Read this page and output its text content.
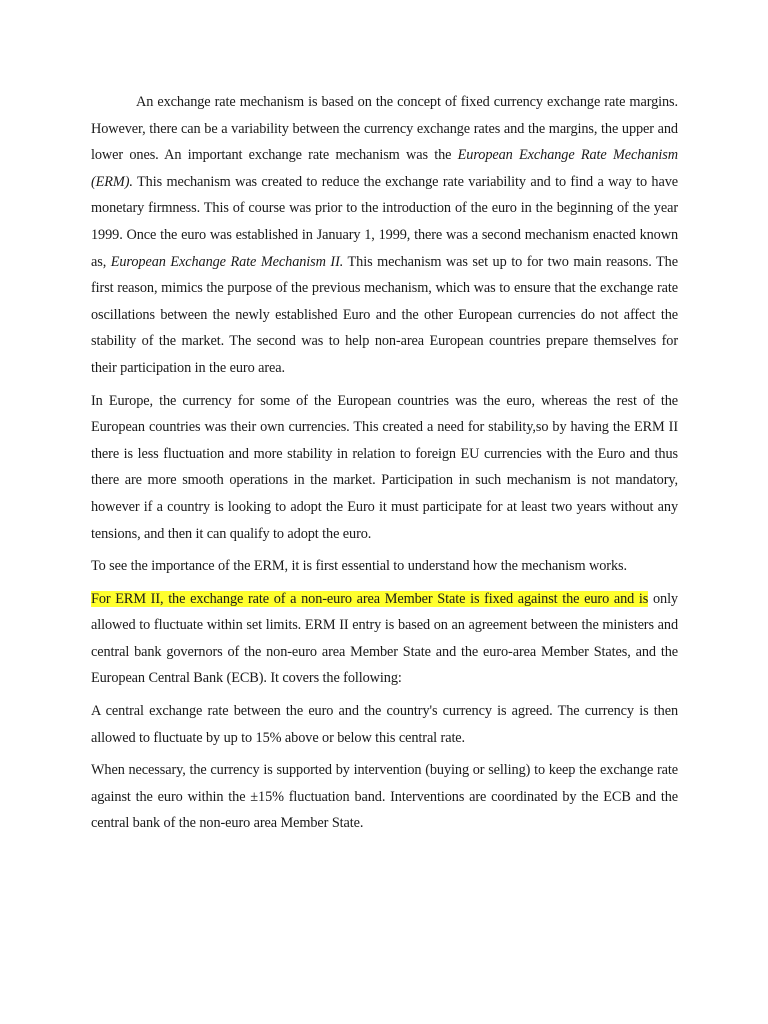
An exchange rate mechanism is based on the concept of fixed currency exchange rate margins. However, there can be a variability between the currency exchange rates and the margins, the upper and lower ones. An important exchange rate mechanism was the European Exchange Rate Mechanism (ERM). This mechanism was created to reduce the exchange rate variability and to find a way to have monetary firmness. This of course was prior to the introduction of the euro in the beginning of the year 1999. Once the euro was established in January 1, 1999, there was a second mechanism enacted known as, European Exchange Rate Mechanism II. This mechanism was set up to for two main reasons. The first reason, mimics the purpose of the previous mechanism, which was to ensure that the exchange rate oscillations between the newly established Euro and the other European currencies do not affect the stability of the market. The second was to help non-area European countries prepare themselves for their participation in the euro area.

In Europe, the currency for some of the European countries was the euro, whereas the rest of the European countries was their own currencies. This created a need for stability,so by having the ERM II there is less fluctuation and more stability in relation to foreign EU currencies with the Euro and thus there are more smooth operations in the market. Participation in such mechanism is not mandatory, however if a country is looking to adopt the Euro it must participate for at least two years without any tensions, and then it can qualify to adopt the euro.

To see the importance of the ERM, it is first essential to understand how the mechanism works.

For ERM II, the exchange rate of a non-euro area Member State is fixed against the euro and is only allowed to fluctuate within set limits. ERM II entry is based on an agreement between the ministers and central bank governors of the non-euro area Member State and the euro-area Member States, and the European Central Bank (ECB). It covers the following:

A central exchange rate between the euro and the country's currency is agreed. The currency is then allowed to fluctuate by up to 15% above or below this central rate.

When necessary, the currency is supported by intervention (buying or selling) to keep the exchange rate against the euro within the ±15% fluctuation band. Interventions are coordinated by the ECB and the central bank of the non-euro area Member State.
